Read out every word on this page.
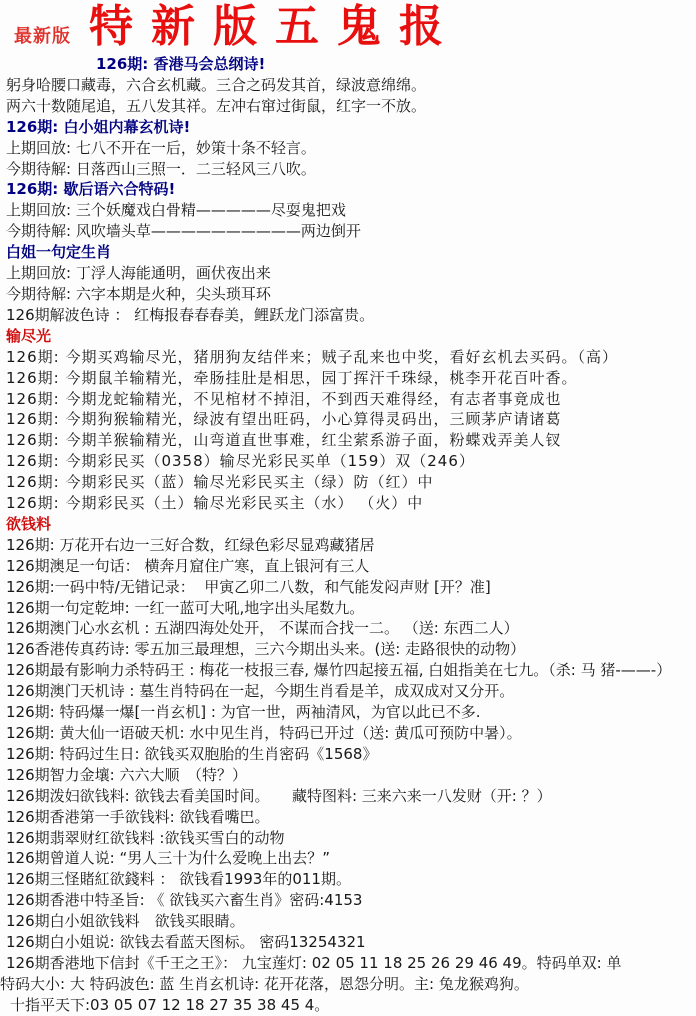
最新版 特新版五鬼报
126期: 香港马会总纲诗!
躬身哈腰口藏毒，六合玄机藏。三合之码发其首，绿波意绵绵。
两六十数随尾追，五八发其祥。左冲右窜过街鼠，红字一不放。
126期: 白小姐内幕玄机诗!
上期回放: 七八不开在一后，妙策十条不轻言。
今期待解: 日落西山三照一．二三轻风三八吹。
126期: 歇后语六合特码!
上期回放: 三个妖魔戏白骨精—————尽耍鬼把戏
今期待解: 风吹墙头草——————————两边倒开
白姐一句定生肖
上期回放: 丁浮人海能通明，画伏夜出来
今期待解: 六字本期是火种，尖头琐耳环
126期解波色诗 ： 红梅报春春春美，鲤跃龙门添富贵。
输尽光
126期: 今期买鸡输尽光，猪朋狗友结伴来；贼子乱来也中奖，看好玄机去买码。（高）
126期: 今期鼠羊输精光，牵肠挂肚是相思，园丁挥汗千珠绿，桃李开花百叶香。
126期: 今期龙蛇输精光，不见棺材不掉泪，不到西天难得经，有志者事竟成也
126期: 今期狗猴输精光，绿波有望出旺码，小心算得灵码出，三顾茅庐请诸葛
126期: 今期羊猴输精光，山弯道直世事难，红尘萦系游子面，粉蝶戏弄美人钗
126期: 今期彩民买（0358）输尽光彩民买单（159）双（246）
126期: 今期彩民买（蓝）输尽光彩民买主（绿）防（红）中
126期: 今期彩民买（土）输尽光彩民买主（水） （火）中
欲钱料
126期: 万花开右边一三好合数，红绿色彩尽显鸡藏猪居
126期澳足一句话： 横奔月窟住广寒，直上银河有三人
126期:一码中特/无错记录：  甲寅乙卯二八数，和气能发闷声财 [开？准]
126期一句定乾坤: 一红一蓝可大吼,地字出头尾数九。
126期澳门心水玄机 : 五湖四海处处开， 不谋而合找一二。 （送: 东西二人）
126香港传真药诗: 零五加三最理想，三六今期出头来。(送: 走路很快的动物）
126期最有影响力杀特码王 : 梅花一枝报三春, 爆竹四起接五福, 白姐指美在七九。（杀: 马 猪-——-）
126期澳门天机诗 : 墓生肖特码在一起，今期生肖看是羊，成双成对又分开。
126期: 特码爆一爆[一肖玄机] : 为官一世，两袖清风，为官以此已不多.
126期: 黄大仙一语破天机: 水中见生肖，特码已开过（送: 黄瓜可预防中暑）。
126期: 特码过生日: 欲钱买双胞胎的生肖密码《1568》
126期智力金壤: 六六大顺　（特？）
126期泼妇欲钱料: 欲钱去看美国时间。　　藏特图料: 三来六来一八发财（开: ？）
126期香港第一手欲钱料: 欲钱看嘴巴。
126期翡翠财红欲钱料 :欲钱买雪白的动物
126期曾道人说: “男人三十为什么爱晚上出去？”
126期三怪賭紅欲錢料 ： 欲钱看1993年的011期。
126期香港中特圣旨: 《 欲钱买六畜生肖》密码:4153
126期白小姐欲钱料　欲钱买眼睛。
126期白小姐说: 欲钱去看蓝天图标。 密码13254321
126期香港地下信封《千王之王》： 九宝莲灯: 02 05 11 18 25 26 29 46 49。特码单双: 单
特码大小: 大 特码波色: 蓝 生肖玄机诗: 花开花落，恩怨分明。主: 兔龙猴鸡狗。
十指平天下:03 05 07 12 18 27 35 38 45 4。
